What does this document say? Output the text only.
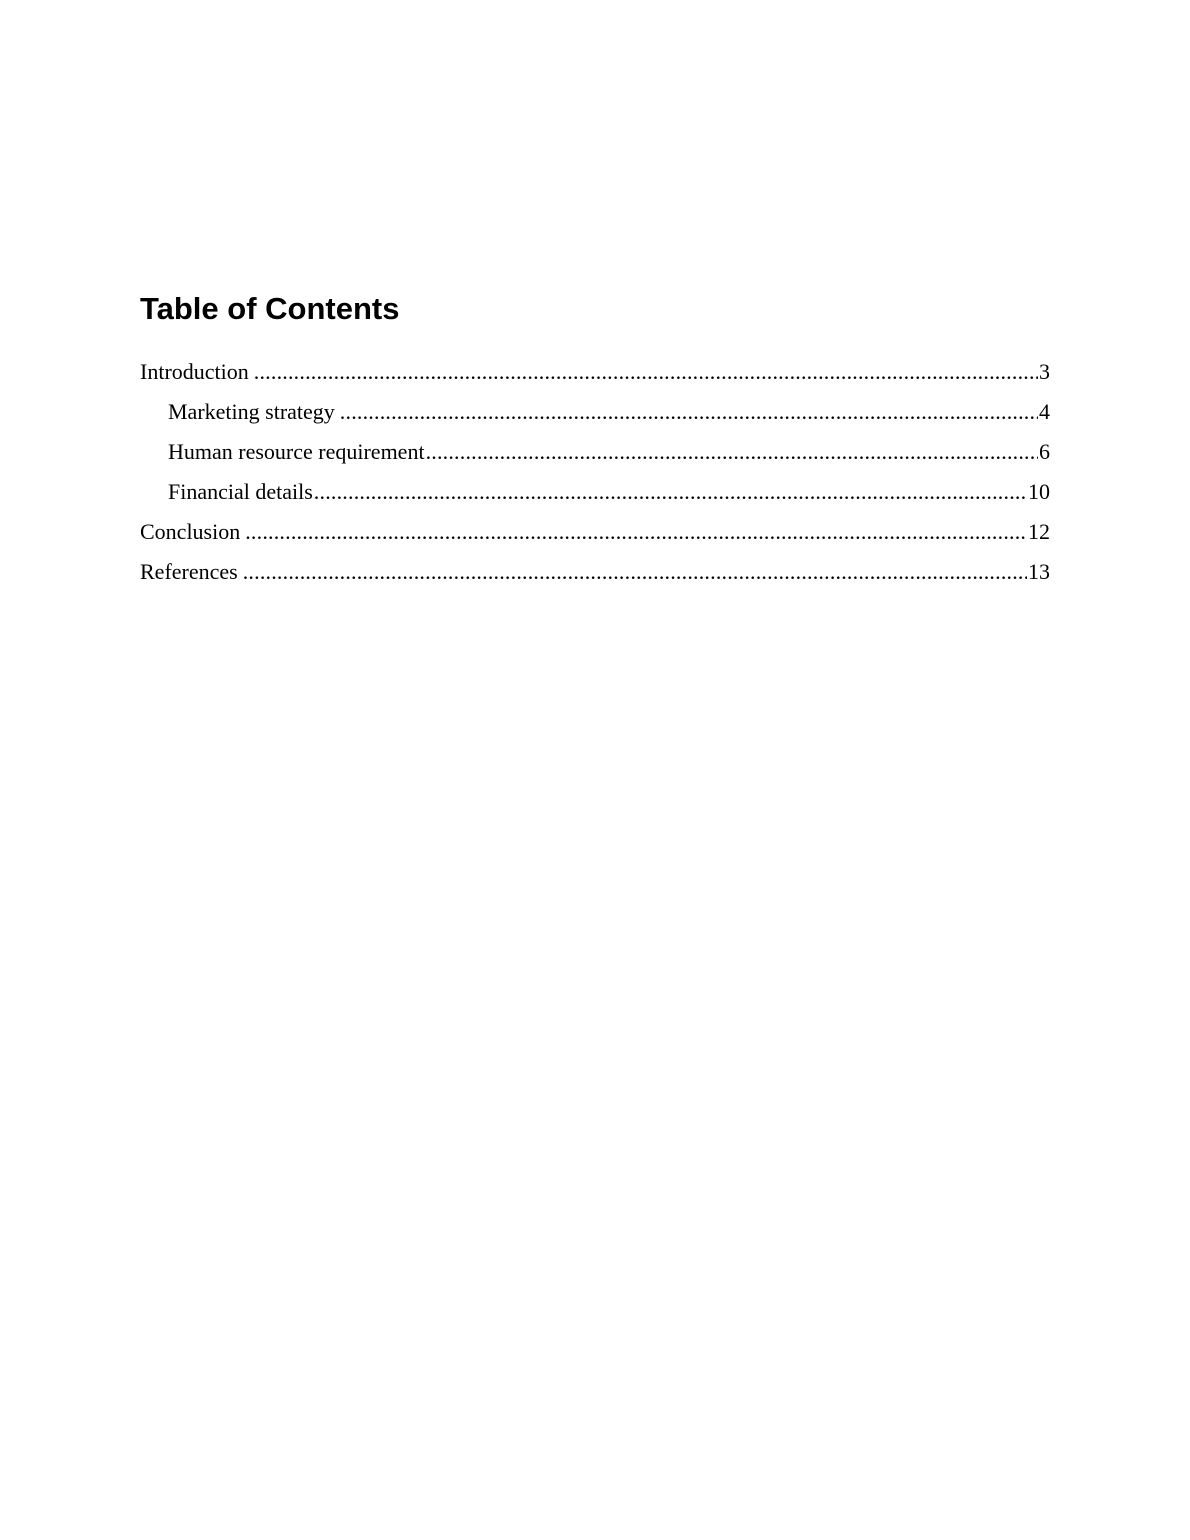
Table of Contents
Introduction .....	3
Marketing strategy .....	4
Human resource requirement .....	6
Financial details .....	10
Conclusion .....	12
References .....	13
